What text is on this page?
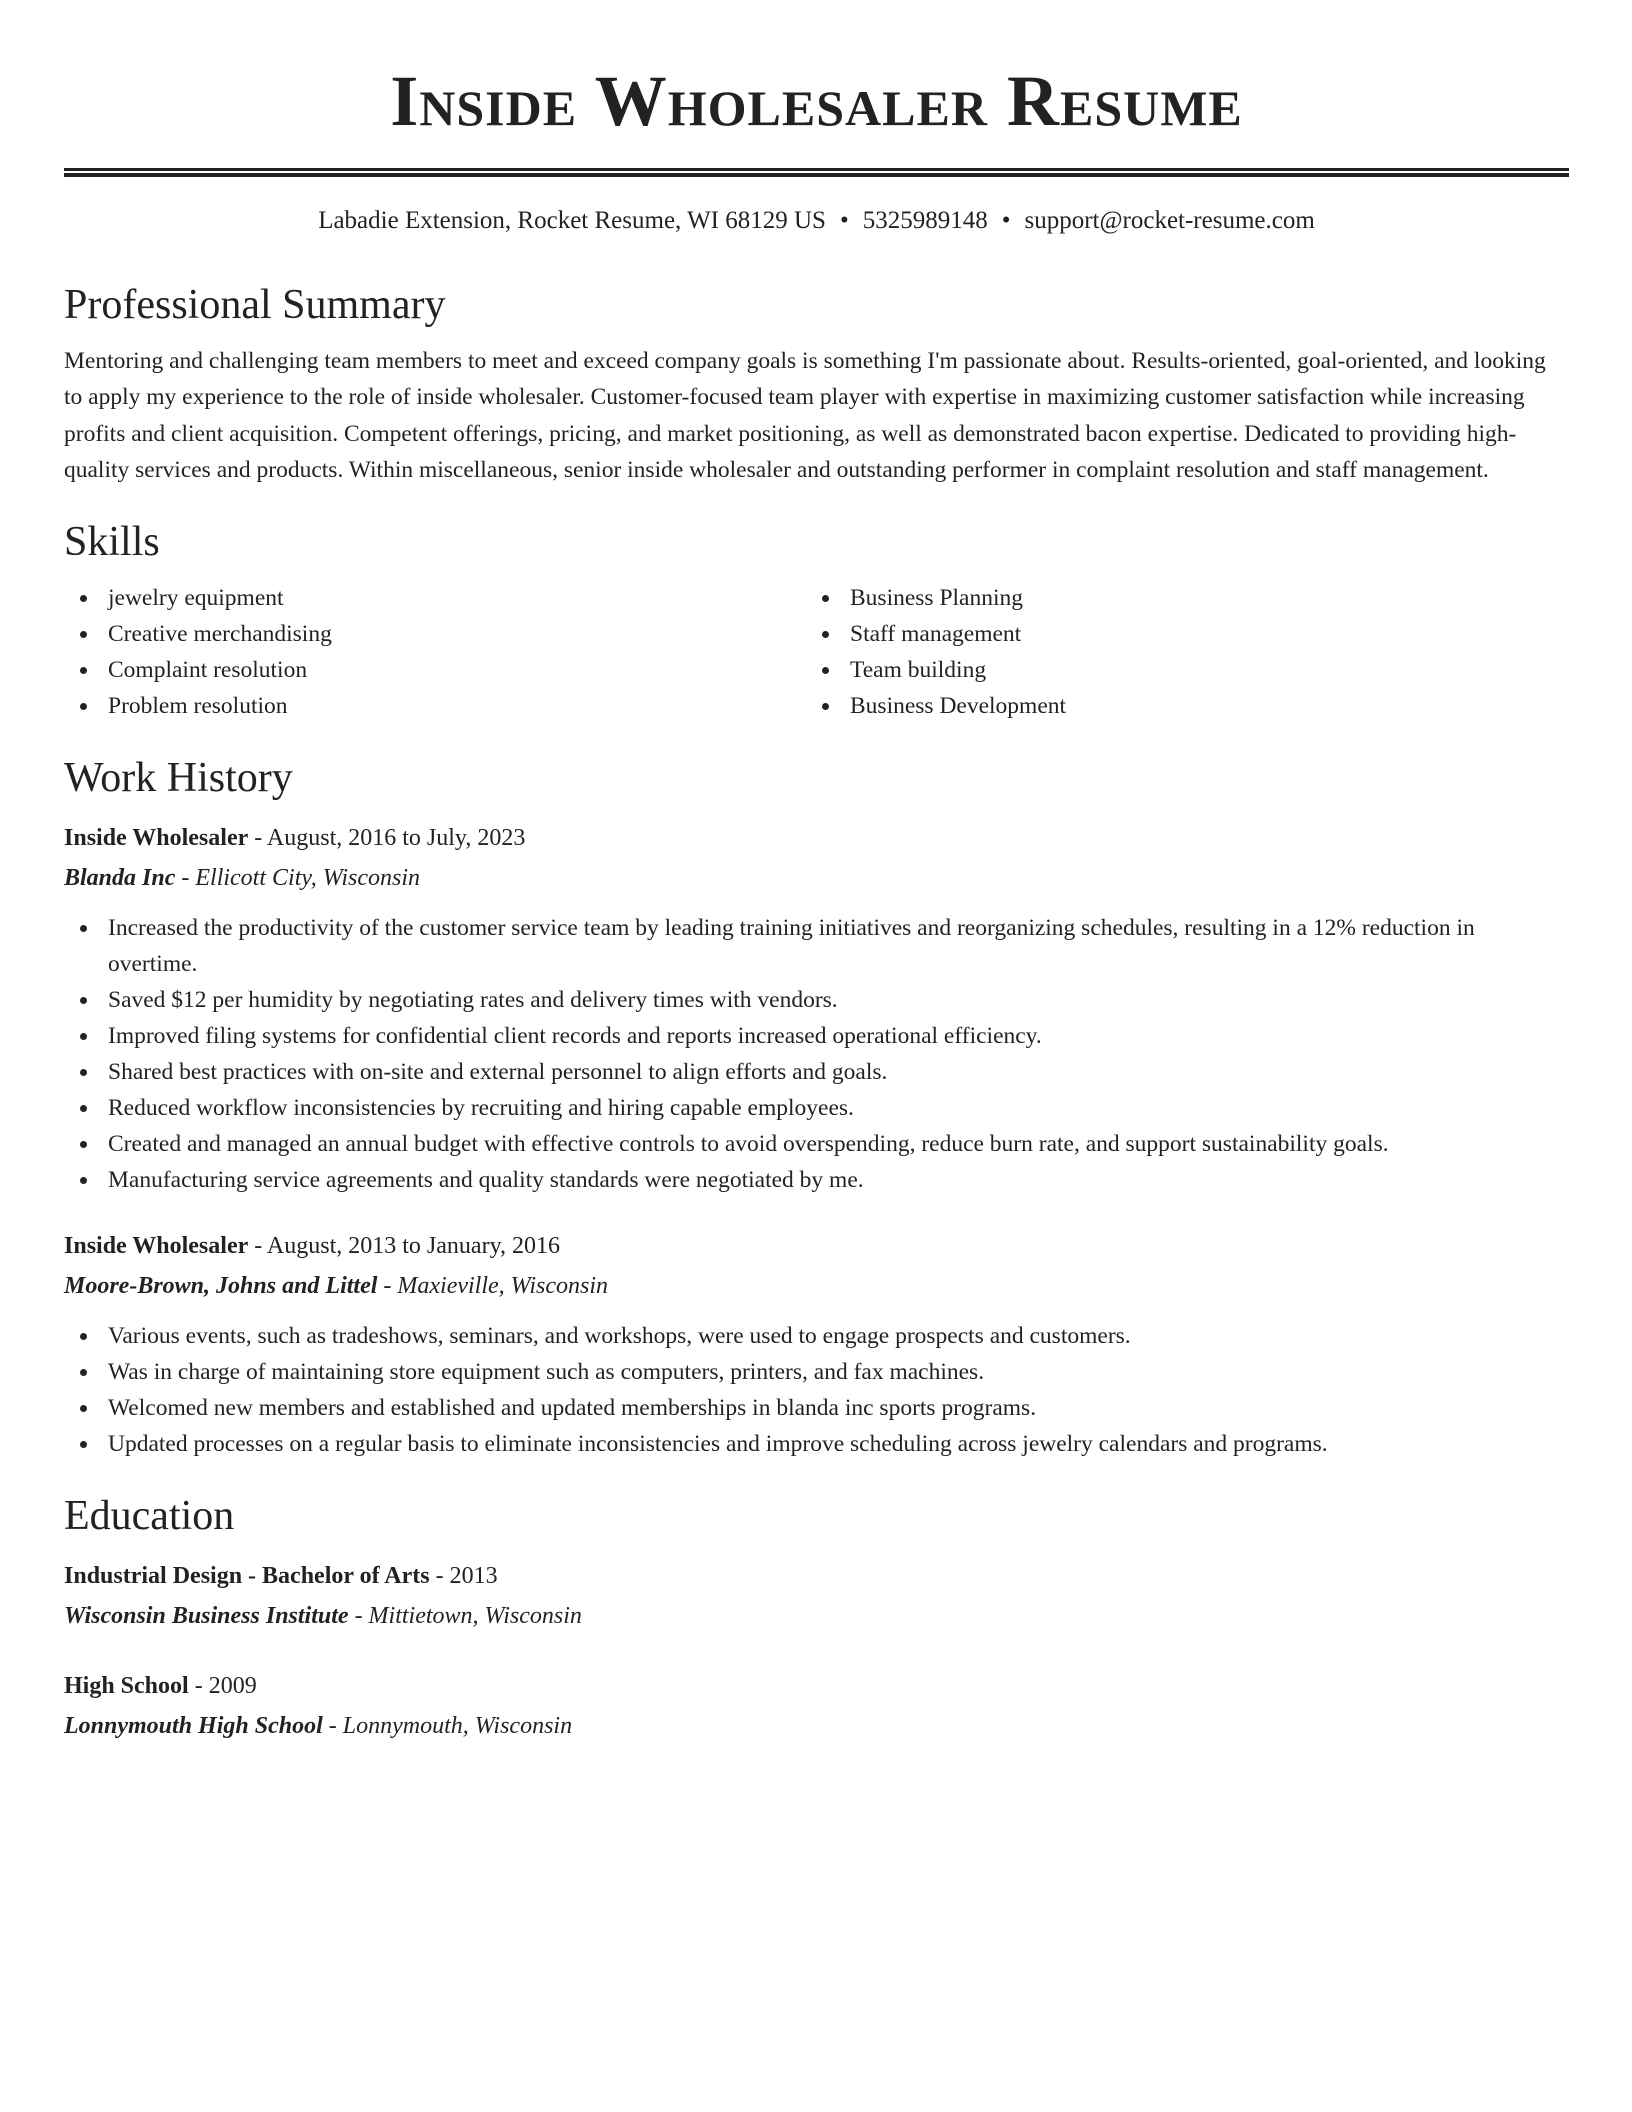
Inside Wholesaler Resume
Labadie Extension, Rocket Resume, WI 68129 US • 5325989148 • support@rocket-resume.com
Professional Summary

Mentoring and challenging team members to meet and exceed company goals is something I'm passionate about. Results-oriented, goal-oriented, and looking to apply my experience to the role of inside wholesaler. Customer-focused team player with expertise in maximizing customer satisfaction while increasing profits and client acquisition. Competent offerings, pricing, and market positioning, as well as demonstrated bacon expertise. Dedicated to providing high-quality services and products. Within miscellaneous, senior inside wholesaler and outstanding performer in complaint resolution and staff management.

Skills
jewelry equipment
Creative merchandising
Complaint resolution
Problem resolution
Business Planning
Staff management
Team building
Business Development
Work History
Inside Wholesaler - August, 2016 to July, 2023
Blanda Inc - Ellicott City, Wisconsin
Increased the productivity of the customer service team by leading training initiatives and reorganizing schedules, resulting in a 12% reduction in overtime.
Saved $12 per humidity by negotiating rates and delivery times with vendors.
Improved filing systems for confidential client records and reports increased operational efficiency.
Shared best practices with on-site and external personnel to align efforts and goals.
Reduced workflow inconsistencies by recruiting and hiring capable employees.
Created and managed an annual budget with effective controls to avoid overspending, reduce burn rate, and support sustainability goals.
Manufacturing service agreements and quality standards were negotiated by me.
Inside Wholesaler - August, 2013 to January, 2016
Moore-Brown, Johns and Littel - Maxieville, Wisconsin
Various events, such as tradeshows, seminars, and workshops, were used to engage prospects and customers.
Was in charge of maintaining store equipment such as computers, printers, and fax machines.
Welcomed new members and established and updated memberships in blanda inc sports programs.
Updated processes on a regular basis to eliminate inconsistencies and improve scheduling across jewelry calendars and programs.
Education
Industrial Design - Bachelor of Arts - 2013
Wisconsin Business Institute - Mittietown, Wisconsin
High School - 2009
Lonnymouth High School - Lonnymouth, Wisconsin
